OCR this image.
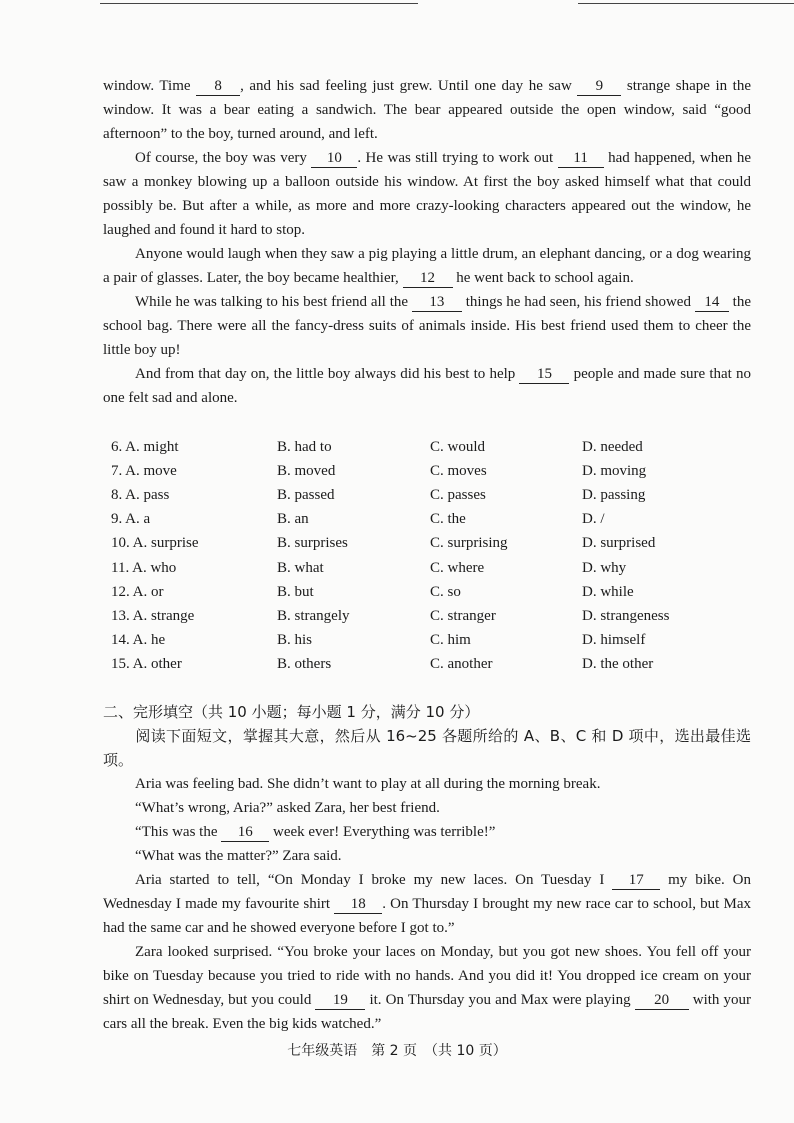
window. Time 8 , and his sad feeling just grew. Until one day he saw 9 strange shape in the window. It was a bear eating a sandwich. The bear appeared outside the open window, said “good afternoon” to the boy, turned around, and left.
Of course, the boy was very 10 . He was still trying to work out 11 had happened, when he saw a monkey blowing up a balloon outside his window. At first the boy asked himself what that could possibly be. But after a while, as more and more crazy-looking characters appeared out the window, he laughed and found it hard to stop.
Anyone would laugh when they saw a pig playing a little drum, an elephant dancing, or a dog wearing a pair of glasses. Later, the boy became healthier, 12 he went back to school again.
While he was talking to his best friend all the 13 things he had seen, his friend showed 14 the school bag. There were all the fancy-dress suits of animals inside. His best friend used them to cheer the little boy up!
And from that day on, the little boy always did his best to help 15 people and made sure that no one felt sad and alone.
6. A. might	B. had to	C. would	D. needed
7. A. move	B. moved	C. moves	D. moving
8. A. pass	B. passed	C. passes	D. passing
9. A. a	B. an	C. the	D. /
10. A. surprise	B. surprises	C. surprising	D. surprised
11. A. who	B. what	C. where	D. why
12. A. or	B. but	C. so	D. while
13. A. strange	B. strangely	C. stranger	D. strangeness
14. A. he	B. his	C. him	D. himself
15. A. other	B. others	C. another	D. the other
二、完形填空（共 10 小题；每小题 1 分，满分 10 分）
阅读下面短文，掌握其大意，然后从 16~25 各题所给的 A、B、C 和 D 项中，选出最佳选项。
Aria was feeling bad. She didn’t want to play at all during the morning break.
“What’s wrong, Aria?” asked Zara, her best friend.
“This was the 16 week ever! Everything was terrible!”
“What was the matter?” Zara said.
Aria started to tell, “On Monday I broke my new laces. On Tuesday I 17 my bike. On Wednesday I made my favourite shirt 18 . On Thursday I brought my new race car to school, but Max had the same car and he showed everyone before I got to.”
Zara looked surprised. “You broke your laces on Monday, but you got new shoes. You fell off your bike on Tuesday because you tried to ride with no hands. And you did it! You dropped ice cream on your shirt on Wednesday, but you could 19 it. On Thursday you and Max were playing 20 with your cars all the break. Even the big kids watched.”
七年级英语　第 2 页　（共 10 页）
